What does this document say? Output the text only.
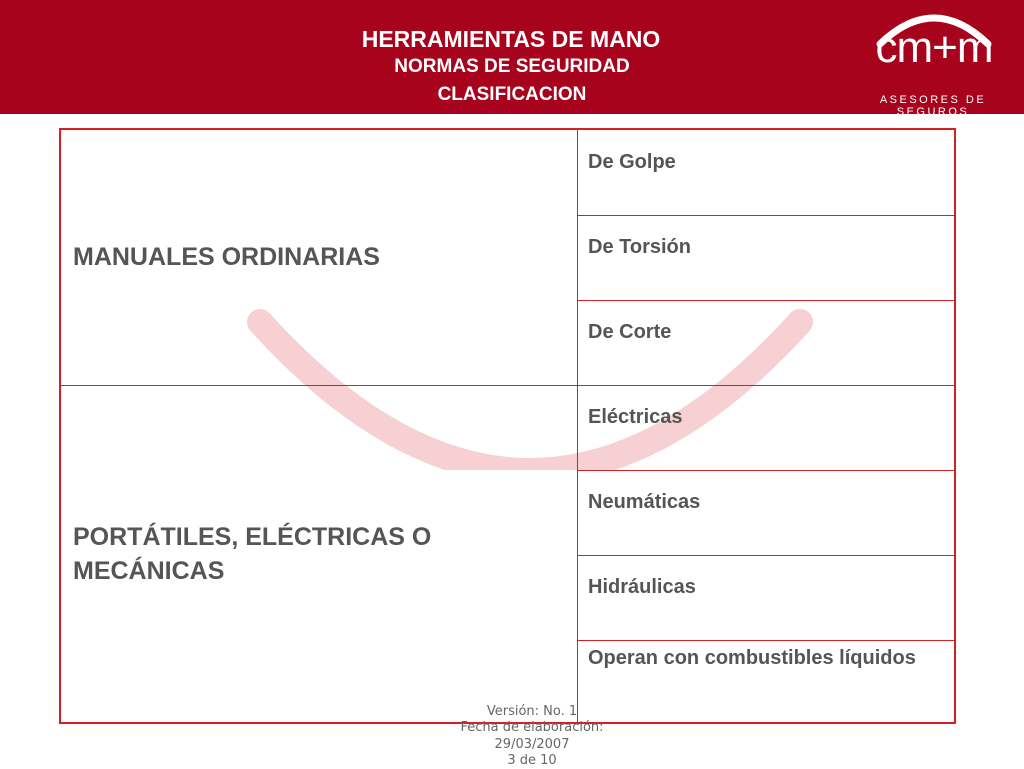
HERRAMIENTAS DE MANO
NORMAS DE SEGURIDAD
CLASIFICACION
cm+m
ASESORES DE SEGUROS
MANUALES ORDINARIAS
De Golpe
De Torsión
De Corte
PORTÁTILES, ELÉCTRICAS O MECÁNICAS
Eléctricas
Neumáticas
Hidráulicas
Operan con combustibles líquidos
Versión: No. 1
Fecha de elaboración:
29/03/2007
3 de 10
